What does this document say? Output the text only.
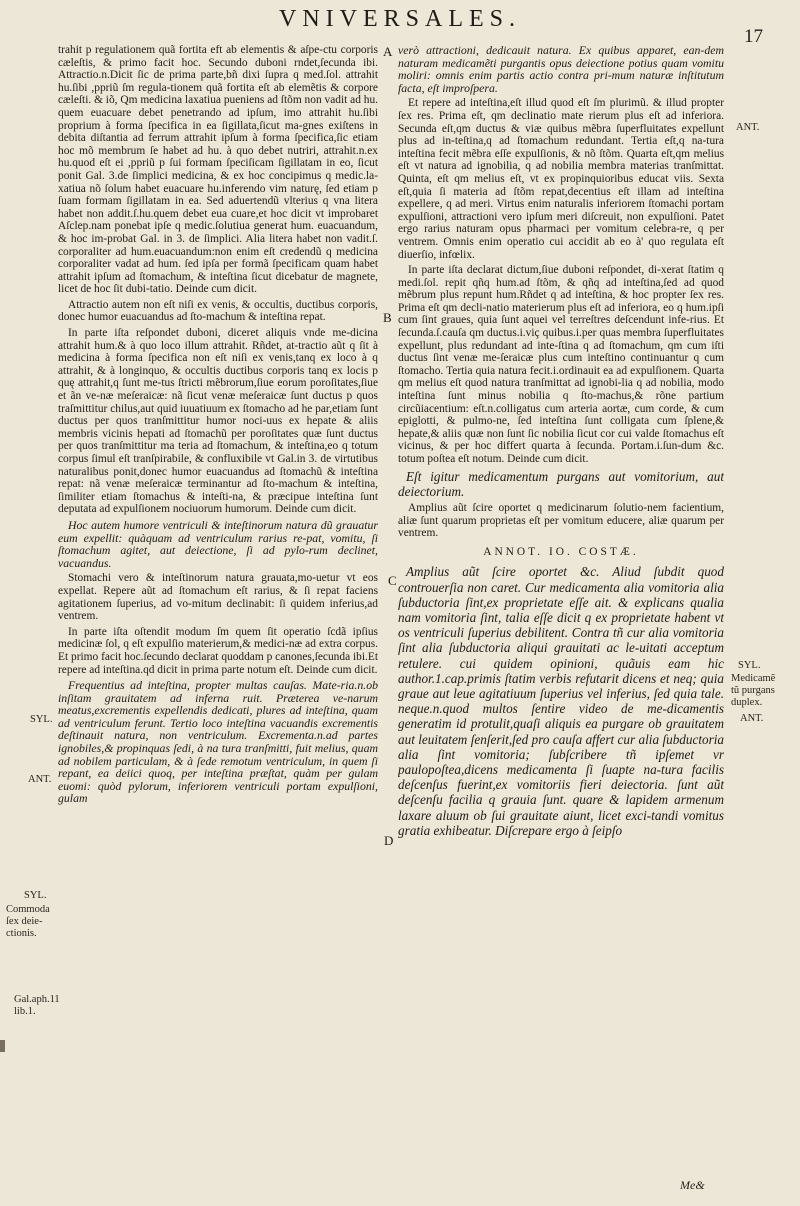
VNIVERSALES.
17

trahit p regulationem quã fortita eft ab elementis & aſpe-ctu corporis cæleſtis, & primo facit hoc. Secundo duboni rndet,ſecunda ibi. Attractio.n.Dicit ſic de prima parte,bñ dixi ſupra q med.ſol. attrahit hu.ſibi ,ppriũ ſm regula-tionem quã fortita eſt ab elemẽtis & corpore cæleſti. & iõ, Qm medicina laxatiua pueniens ad ſtõm non vadit ad hu. quem euacuare debet penetrando ad ipſum, imo attrahit hu.ſibi proprium à forma ſpecifica in ea ſigillata,ſicut ma-gnes exiſtens in debita diſtantia ad ferrum attrahit ipſum à forma ſpecifica,ſic etiam hoc mõ membrum ſe habet ad hu. à quo debet nutriri, attrahit.n.ex hu.quod eſt ei ,ppriũ p ſui formam ſpeciſicam ſigillatam in eo, ſicut ponit Gal. 3.de ſimplici medicina, & ex hoc concipimus q medic.la-xatiua nõ ſolum habet euacuare hu.inferendo vim naturę, ſed etiam p ſuam formam ſigillatam in ea. Sed aduertendũ vlterius q vna litera habet non addit.ſ.hu.quem debet eua cuare,et hoc dicit vt improbaret Aſclep.nam ponebat ipſe q medic.ſolutiua generat hum. euacuandum, & hoc im-probat Gal. in 3. de ſimplici. Alia litera habet non vadit.ſ. corporaliter ad hum.euacuandum:non enim eſt credendũ q medicina corporaliter vadat ad hum. ſed ipſa per formã ſpecificam quam habet attrahit ipſum ad ſtomachum, & inteſtina ſicut dicebatur de magnete, licet de hoc ſit dubi-tatio. Deinde cum dicit.

Attractio autem non eſt niſi ex venis, & occultis, ductibus corporis, donec humor euacuandus ad ſto-machum & inteſtina repat.

In parte iſta reſpondet duboni, diceret aliquis vnde me-dicina attrahit hum.& à quo loco illum attrahit. Rñdet, at-tractio aũt q ſit à medicina à forma ſpecifica non eſt niſi ex venis,tanq ex loco à q attrahit, & à longinquo, & occultis ductibus corporis tanq ex locis p quę attrahit,q ſunt me-tus ſtricti mẽbrorum,ſiue eorum poroſitates,ſiue et ãn ve-næ meſeraicæ: nã ſicut venæ meſeraicæ ſunt ductus p quos traſmittitur chilus,aut quid iuuatiuum ex ſtomacho ad he par,etiam ſunt ductus per quos tranſmittitur humor noci-uus ex hepate & aliis membris vicinis hepati ad ſtomachũ per poroſitates quæ ſunt ductus per quos tranſmittitur ma teria ad ſtomachum, & inteſtina,eo q totum corpus ſimul eſt tranſpirabile, & confluxibile vt Gal.in 3. de virtutibus naturalibus ponit,donec humor euacuandus ad ſtomachũ & inteſtina repat: nã venæ meſeraicæ terminantur ad ſto-machum & inteſtina, ſimiliter etiam ſtomachus & inteſti-na, & præcipue inteſtina ſunt deputata ad expulſionem nociuorum humorum. Deinde cum dicit.

Hoc autem humore ventriculi & inteſtinorum natura dũ grauatur eum expellit: quàquam ad ventriculum rarius re-pat, vomitu, ſi ſtomachum agitet, aut deiectione, ſi ad pylo-rum declinet, vacuandus.

Stomachi vero & inteſtinorum natura grauata,mo-uetur vt eos expellat. Repere aũt ad ſtomachum eſt rarius, & ſi repat faciens agitationem ſuperius, ad vo-mitum declinabit: ſi quidem inferius,ad ventrem.

In parte iſta oſtendit modum ſm quem ſit operatio ſcdã ipſius medicinæ ſol, q eſt expulſio materierum,& medici-næ ad extra corpus. Et primo facit hoc.ſecundo declarat quoddam p canones,ſecunda ibi.Et repere ad inteſtina.qd dicit in prima parte notum eſt. Deinde cum dicit.

Frequentius ad inteſtina, propter multas cauſas. Mate-ria.n.ob inſitam grauitatem ad inferna ruit. Præterea ve-narum meatus,excrementis expellendis dedicati, plures ad inteſtina, quam ad ventriculum ferunt. Tertio loco inteſtina vacuandis excrementis deſtinauit natura, non ventriculum. Excrementa.n.ad partes ignobiles,& propinquas ſedi, à na tura tranſmitti, fuit melius, quam ad nobilem particulam, & à ſede remotum ventriculum, in quem ſi repant, ea deiici quoq, per inteſtina præſtat, quàm per gulam euomi: quòd pylorum, inferiorem ventriculi portam expulſioni, gulam

verò attractioni, dedicauit natura. Ex quibus apparet, ean-dem naturam medicamẽti purgantis opus deiectione potius quam vomitu moliri: omnis enim partis actio contra pri-mum naturæ inſtitutum facta, eſt improſpera.

Et repere ad inteſtina,eſt illud quod eſt ſm plurimũ. & illud propter ſex res. Prima eſt, qm declinatio mate rierum plus eſt ad inferiora. Secunda eſt,qm ductus & viæ quibus mẽbra ſuperfluitates expellunt plus ad in-teſtina,q ad ſtomachum redundant. Tertia eſt,q na-tura inteſtina fecit mẽbra eſſe expulſionis, & nõ ſtõm. Quarta eſt,qm melius eſt vt natura ad ignobilia, q ad nobilia membra materias tranſmittat. Quinta, eſt qm melius eſt, vt ex propinquioribus educat viis. Sexta eſt,quia ſi materia ad ſtõm repat,decentius eſt illam ad inteſtina expellere, q ad meri. Virtus enim naturalis inferiorem ſtomachi portam expulſioni, attractioni vero ipſum meri diſcreuit, non expulſioni. Patet ergo rarius naturam opus pharmaci per vomitum celebra-re, q per ventrem. Omnis enim operatio cui accidit ab eo à' quo regulata eſt diuerſio, infœlix.

In parte iſta declarat dictum,ſiue duboni reſpondet, di-xerat ſtatim q medi.ſol. repit qñq hum.ad ſtõm, & qñq ad inteſtina,ſed ad quod mẽbrum plus repunt hum.Rñdet q ad inteſtina, & hoc propter ſex res. Prima eſt qm decli-natio materierum plus eſt ad inferiora, eo q hum.ipſi cum ſint graues, quia ſunt aquei vel terreſtres deſcendunt infe-rius. Et ſecunda.ſ.cauſa qm ductus.i.viç quibus.i.per quas membra ſuperfluitates expellunt, plus redundant ad inte-ſtina q ad ſtomachum, qm cum iſti ductus ſint venæ me-ſeraicæ plus cum inteſtino continuantur q cum ſtomacho. Tertia quia natura fecit.i.ordinauit ea ad expulſionem. Quarta qm melius eſt quod natura tranſmittat ad ignobi-lia q ad nobilia, modo inteſtina ſunt minus nobilia q ſto-machus,& rõne partium circũiacentium: eſt.n.colligatus cum arteria aortæ, cum corde, & cum epiglotti, & pulmo-ne, ſed inteſtina ſunt colligata cum ſplene,& hepate,& aliis quæ non ſunt ſic nobilia ſicut cor cui valde ſtomachus eſt vicinus, & per hoc differt quarta à ſecunda. Portam.i.ſun-dum &c. totum poſtea eſt notum. Deinde cum dicit.

Eſt igitur medicamentum purgans aut vomitorium, aut deiectorium.

Amplius aũt ſcire oportet q medicinarum ſolutio-nem facientium, aliæ ſunt quarum proprietas eſt per vomitum educere, aliæ quarum per ventrem.

ANNOT. IO. COSTÆ.

Amplius aũt ſcire oportet &c. Aliud ſubdit quod controuerſia non caret. Cur medicamenta alia vomitoria alia ſubductoria ſint,ex proprietate eſſe ait. & explicans qualia nam vomitoria ſint, talia eſſe dicit q ex proprietate habent vt os ventriculi ſuperius debilitent. Contra tñ cur alia vomitoria ſint alia ſubductoria aliqui grauitati ac le-uitati acceptum retulere. cui quidem opinioni, quãuis eam hic author.1.cap.primis ſtatim verbis refutarit dicens et neq; quia graue aut leue agitatiuum ſuperius vel inferius, ſed quia tale. neque.n.quod multos ſentire video de me-dicamentis generatim id protulit,quaſi aliquis ea purgare ob grauitatem aut leuitatem ſenſerit,ſed pro cauſa affert cur alia ſubductoria alia ſint vomitoria; ſubſcribere tñ ipſemet vr paulopoſtea,dicens medicamenta ſi ſuapte na-tura facilis deſcenſus fuerint,ex vomitoriis fieri deiectoria. ſunt aũt deſcenſu facilia q grauia ſunt. quare & lapidem armenum laxare aluum ob ſui grauitate aiunt, licet exci-tandi vomitus gratia exhibeatur. Diſcrepare ergo à ſeipſo

A
B
C
D
ANT.
SYL.
Medicamẽ
tũ purgans
duplex.
ANT.
SYL.
ANT.
SYL.
Commoda
ſex deie-
ctionis.
Gal.aph.11
lib.1.
Me&
